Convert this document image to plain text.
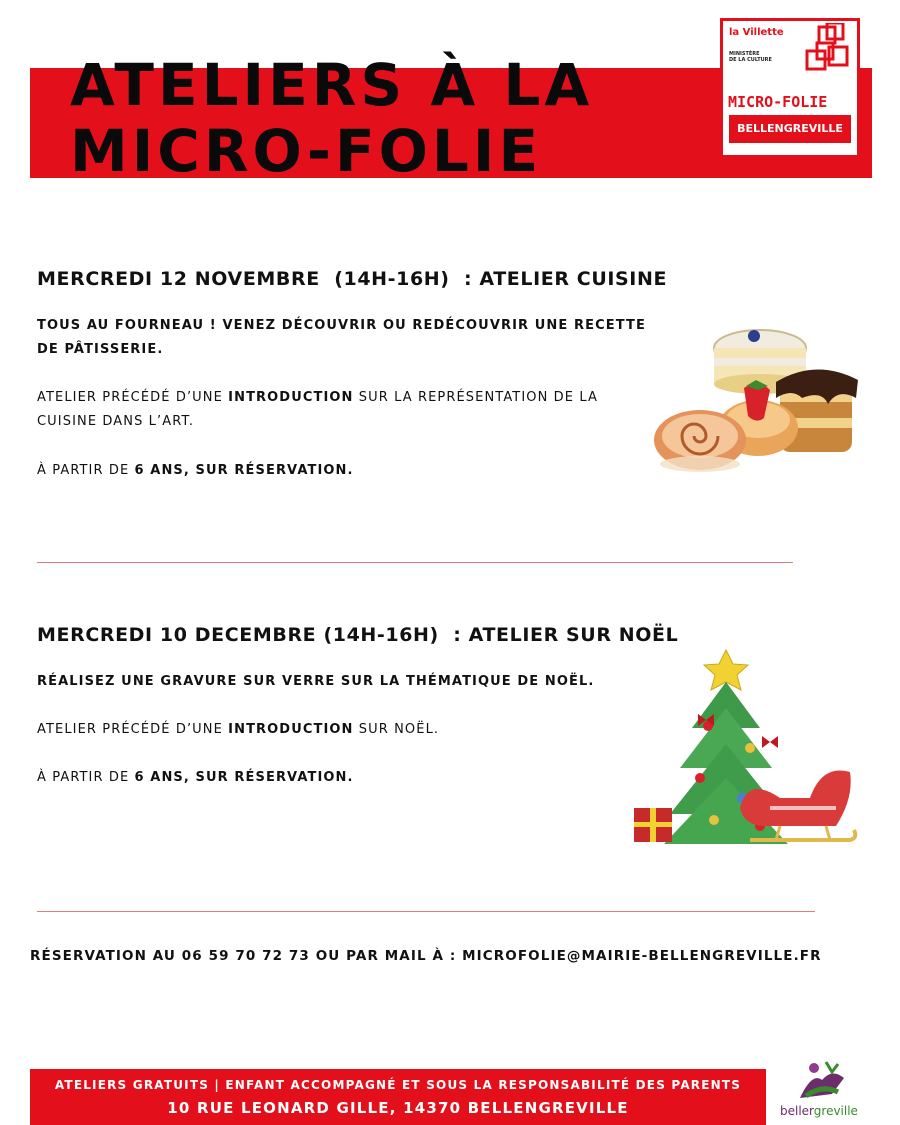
ATELIERS À LA
MICRO-FOLIE
la Villette
MINISTÈRE
DE LA CULTURE
MICRO-FOLIE
BELLENGREVILLE
MERCREDI 12 NOVEMBRE  (14H-16H)  : ATELIER CUISINE

TOUS AU FOURNEAU ! VENEZ DÉCOUVRIR OU REDÉCOUVRIR UNE RECETTE DE PÂTISSERIE.

ATELIER PRÉCÉDÉ D’UNE INTRODUCTION SUR LA REPRÉSENTATION DE LA CUISINE DANS L’ART.

À PARTIR DE 6 ANS, SUR RÉSERVATION.

MERCREDI 10 DECEMBRE (14H-16H)  : ATELIER SUR NOËL

RÉALISEZ UNE GRAVURE SUR VERRE SUR LA THÉMATIQUE DE NOËL.

ATELIER PRÉCÉDÉ D’UNE INTRODUCTION SUR NOËL.

À PARTIR DE 6 ANS, SUR RÉSERVATION.

RÉSERVATION AU 06 59 70 72 73 OU PAR MAIL À : MICROFOLIE@MAIRIE-BELLENGREVILLE.FR
ATELIERS GRATUITS | ENFANT ACCOMPAGNÉ ET SOUS LA RESPONSABILITÉ DES PARENTS
10 RUE LEONARD GILLE, 14370 BELLENGREVILLE	bellergreville
